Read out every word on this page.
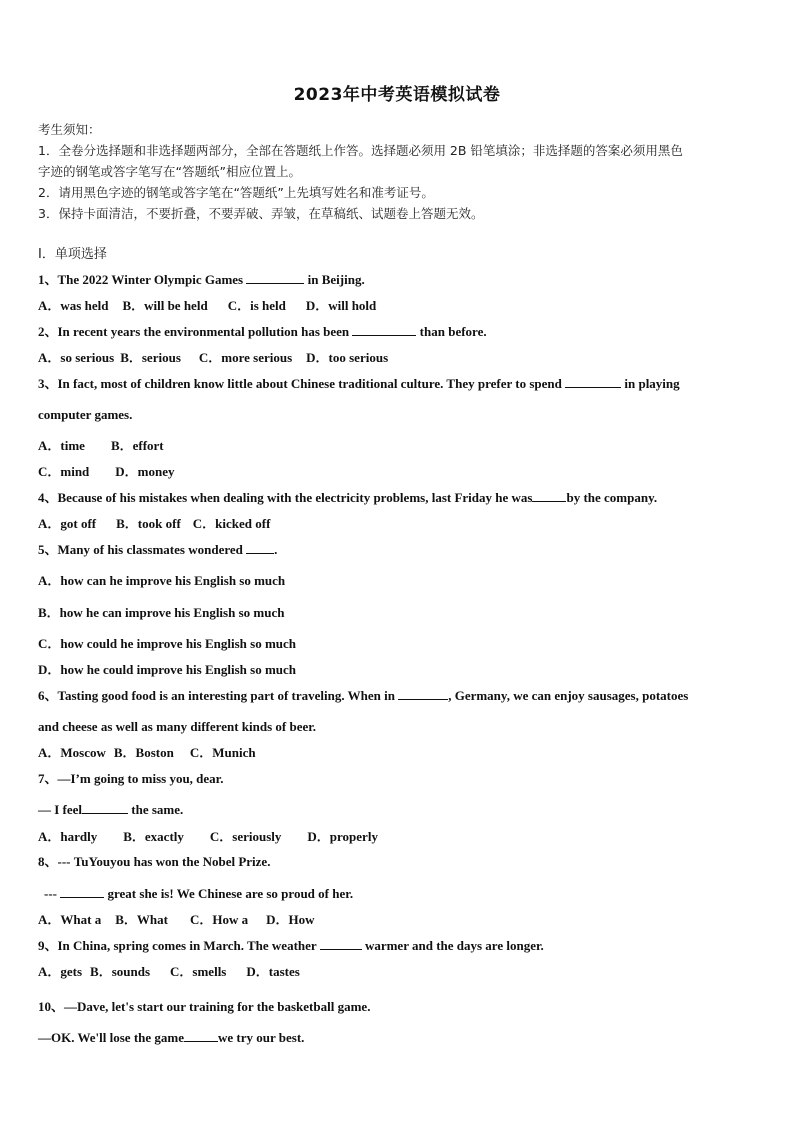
2023年中考英语模拟试卷
考生须知：
1．全卷分选择题和非选择题两部分，全部在答题纸上作答。选择题必须用 2B 铅笔填涂；非选择题的答案必须用黑色
字迹的钢笔或答字笔写在“答题纸”相应位置上。
2．请用黑色字迹的钢笔或答字笔在“答题纸”上先填写姓名和准考证号。
3．保持卡面清洁，不要折叠，不要弄破、弄皱，在草稿纸、试题卷上答题无效。
Ⅰ．单项选择
1、The 2022 Winter Olympic Games	in Beijing.
A．was held B．will be held C．is held D．will hold
2、In recent years the environmental pollution has been	than before.
A．so serious B．serious C．more serious D．too serious
3、In fact, most of children know little about Chinese traditional culture. They prefer to spend	in playing
computer games.
A．time B．effort
C．mind D．money
4、Because of his mistakes when dealing with the electricity problems, last Friday he was	by the company.
A．got off B．took off C．kicked off
5、Many of his classmates wondered .
A．how can he improve his English so much
B．how he can improve his English so much
C．how could he improve his English so much
D．how he could improve his English so much
6、Tasting good food is an interesting part of traveling. When in	, Germany, we can enjoy sausages, potatoes
and cheese as well as many different kinds of beer.
A．Moscow B．Boston C．Munich
7、—I’m going to miss you, dear.
— I feel	the same.
A．hardly B．exactly C．seriously D．properly
8、--- TuYouyou has won the Nobel Prize.
---	great she is! We Chinese are so proud of her.
A．What a B．What C．How a D．How
9、In China, spring comes in March. The weather	warmer and the days are longer.
A．gets B．sounds C．smells D．tastes
10、—Dave, let's start our training for the basketball game.
—OK. We'll lose the game	we try our best.
